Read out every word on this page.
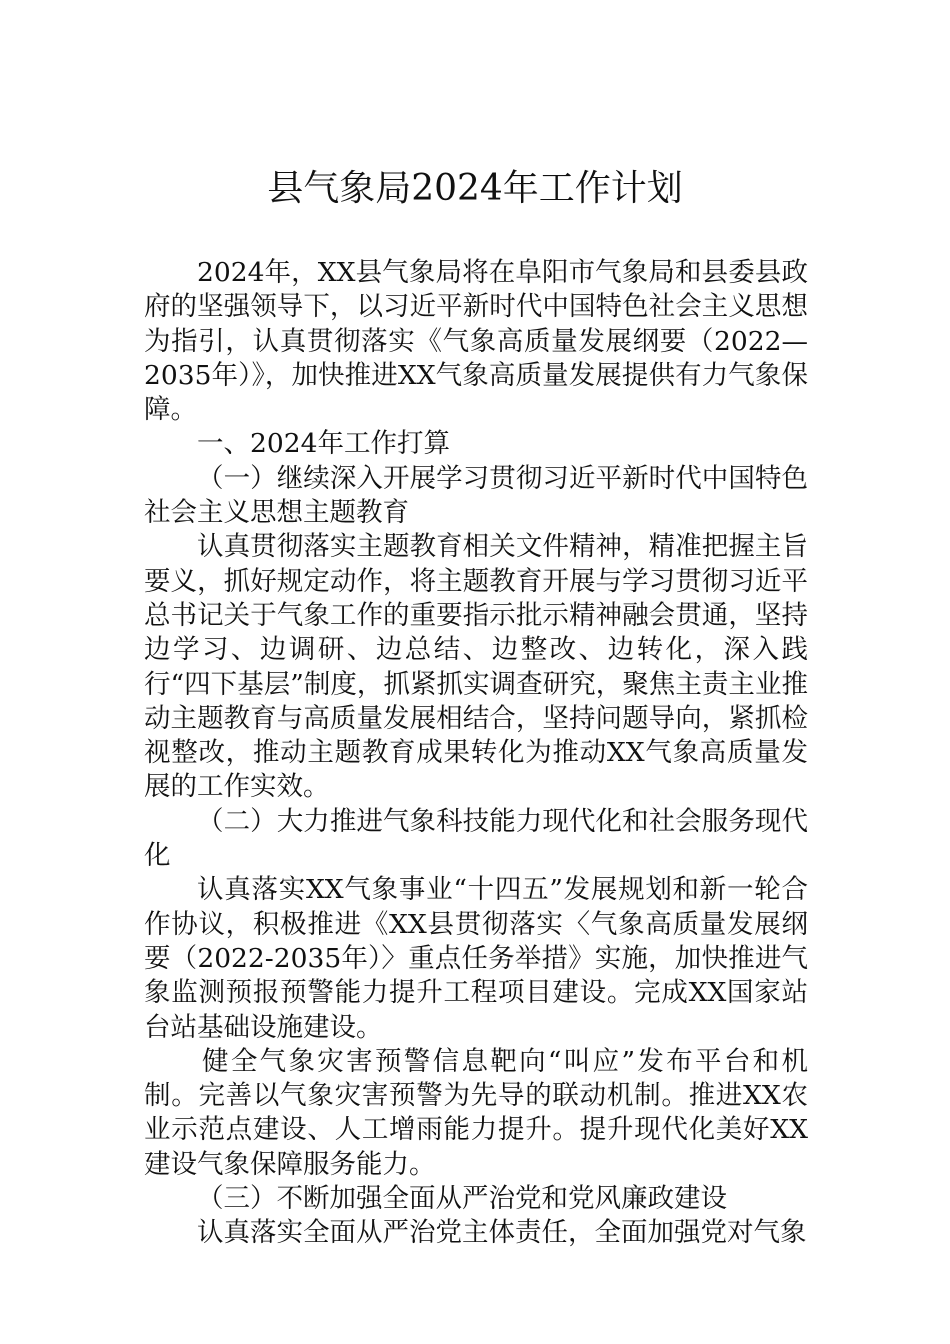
县气象局2024年工作计划

2024年，XX县气象局将在阜阳市气象局和县委县政府的坚强领导下，以习近平新时代中国特色社会主义思想为指引，认真贯彻落实《气象高质量发展纲要（2022—2035年）》，加快推进XX气象高质量发展提供有力气象保障。

一、2024年工作打算

（一）继续深入开展学习贯彻习近平新时代中国特色社会主义思想主题教育

认真贯彻落实主题教育相关文件精神，精准把握主旨要义，抓好规定动作，将主题教育开展与学习贯彻习近平总书记关于气象工作的重要指示批示精神融会贯通，坚持边学习、边调研、边总结、边整改、边转化，深入践行“四下基层”制度，抓紧抓实调查研究，聚焦主责主业推动主题教育与高质量发展相结合，坚持问题导向，紧抓检视整改，推动主题教育成果转化为推动XX气象高质量发展的工作实效。

（二）大力推进气象科技能力现代化和社会服务现代化

认真落实XX气象事业“十四五”发展规划和新一轮合作协议，积极推进《XX县贯彻落实〈气象高质量发展纲要（2022-2035年）〉重点任务举措》实施，加快推进气象监测预报预警能力提升工程项目建设。完成XX国家站台站基础设施建设。

健全气象灾害预警信息靶向“叫应”发布平台和机制。完善以气象灾害预警为先导的联动机制。推进XX农业示范点建设、人工增雨能力提升。提升现代化美好XX建设气象保障服务能力。

（三）不断加强全面从严治党和党风廉政建设

认真落实全面从严治党主体责任，全面加强党对气象
